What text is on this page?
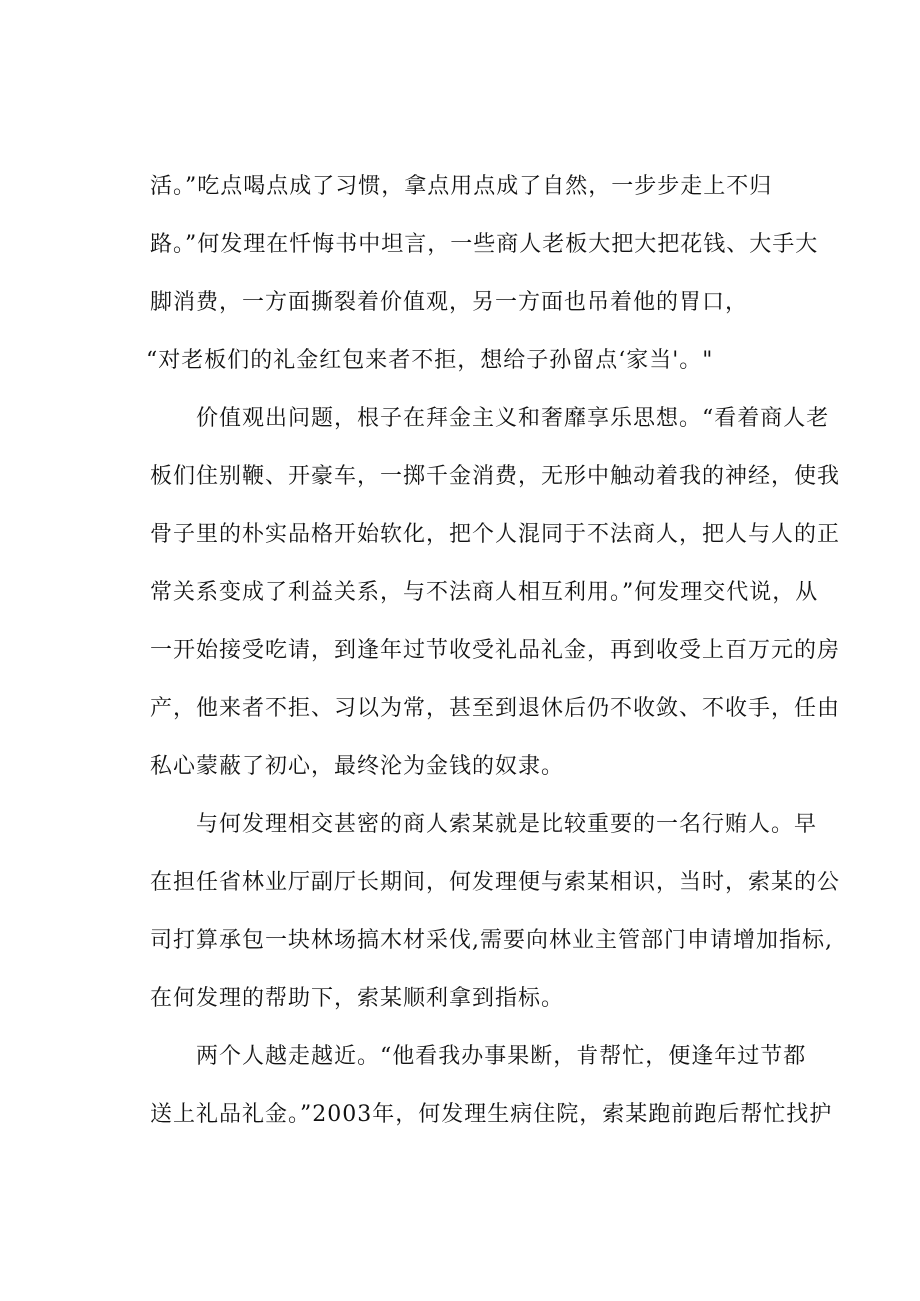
活。”吃点喝点成了习惯，拿点用点成了自然，一步步走上不归
路。”何发理在忏悔书中坦言，一些商人老板大把大把花钱、大手大
脚消费，一方面撕裂着价值观，另一方面也吊着他的胃口，
“对老板们的礼金红包来者不拒，想给子孙留点‘家当'。"
价值观出问题，根子在拜金主义和奢靡享乐思想。“看着商人老
板们住别鞭、开豪车，一掷千金消费，无形中触动着我的神经，使我
骨子里的朴实品格开始软化，把个人混同于不法商人，把人与人的正
常关系变成了利益关系，与不法商人相互利用。”何发理交代说，从
一开始接受吃请，到逢年过节收受礼品礼金，再到收受上百万元的房
产，他来者不拒、习以为常，甚至到退休后仍不收敛、不收手，任由
私心蒙蔽了初心，最终沦为金钱的奴隶。
与何发理相交甚密的商人索某就是比较重要的一名行贿人。早
在担任省林业厅副厅长期间，何发理便与索某相识，当时，索某的公
司打算承包一块林场搞木材采伐,需要向林业主管部门申请增加指标,
在何发理的帮助下，索某顺利拿到指标。
两个人越走越近。“他看我办事果断，肯帮忙，便逢年过节都
送上礼品礼金。”2003年，何发理生病住院，索某跑前跑后帮忙找护
